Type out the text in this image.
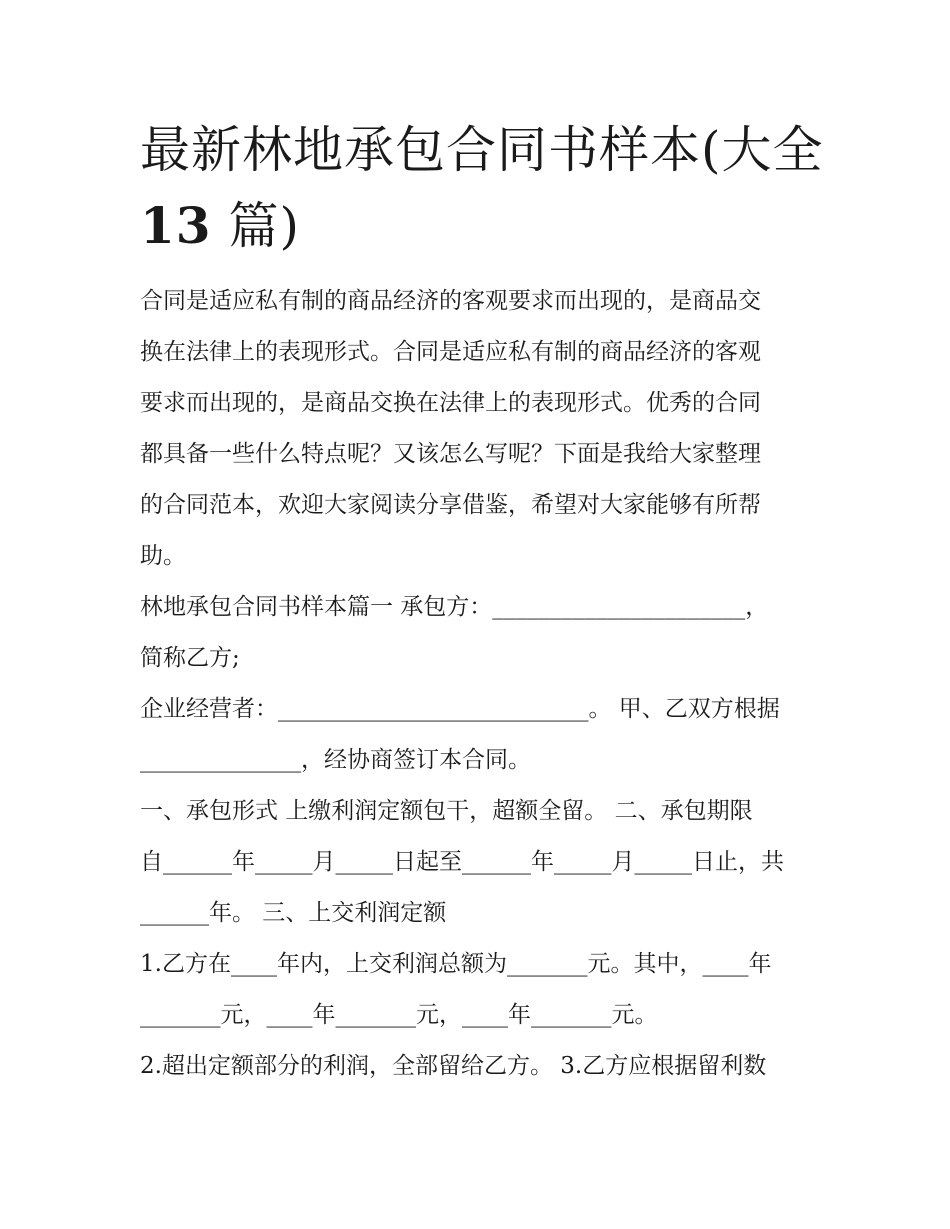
最新林地承包合同书样本(大全
13 篇)
合同是适应私有制的商品经济的客观要求而出现的，是商品交
换在法律上的表现形式。合同是适应私有制的商品经济的客观
要求而出现的，是商品交换在法律上的表现形式。优秀的合同
都具备一些什么特点呢？又该怎么写呢？下面是我给大家整理
的合同范本，欢迎大家阅读分享借鉴，希望对大家能够有所帮
助。
林地承包合同书样本篇一 承包方：______________________，
简称乙方;
企业经营者：___________________________。 甲、乙双方根据
______________，经协商签订本合同。
一、承包形式 上缴利润定额包干，超额全留。 二、承包期限
自______年_____月_____日起至______年_____月_____日止，共
______年。 三、上交利润定额
1.乙方在____年内，上交利润总额为_______元。其中，____年
_______元，____年_______元，____年_______元。
2.超出定额部分的利润，全部留给乙方。 3.乙方应根据留利数
